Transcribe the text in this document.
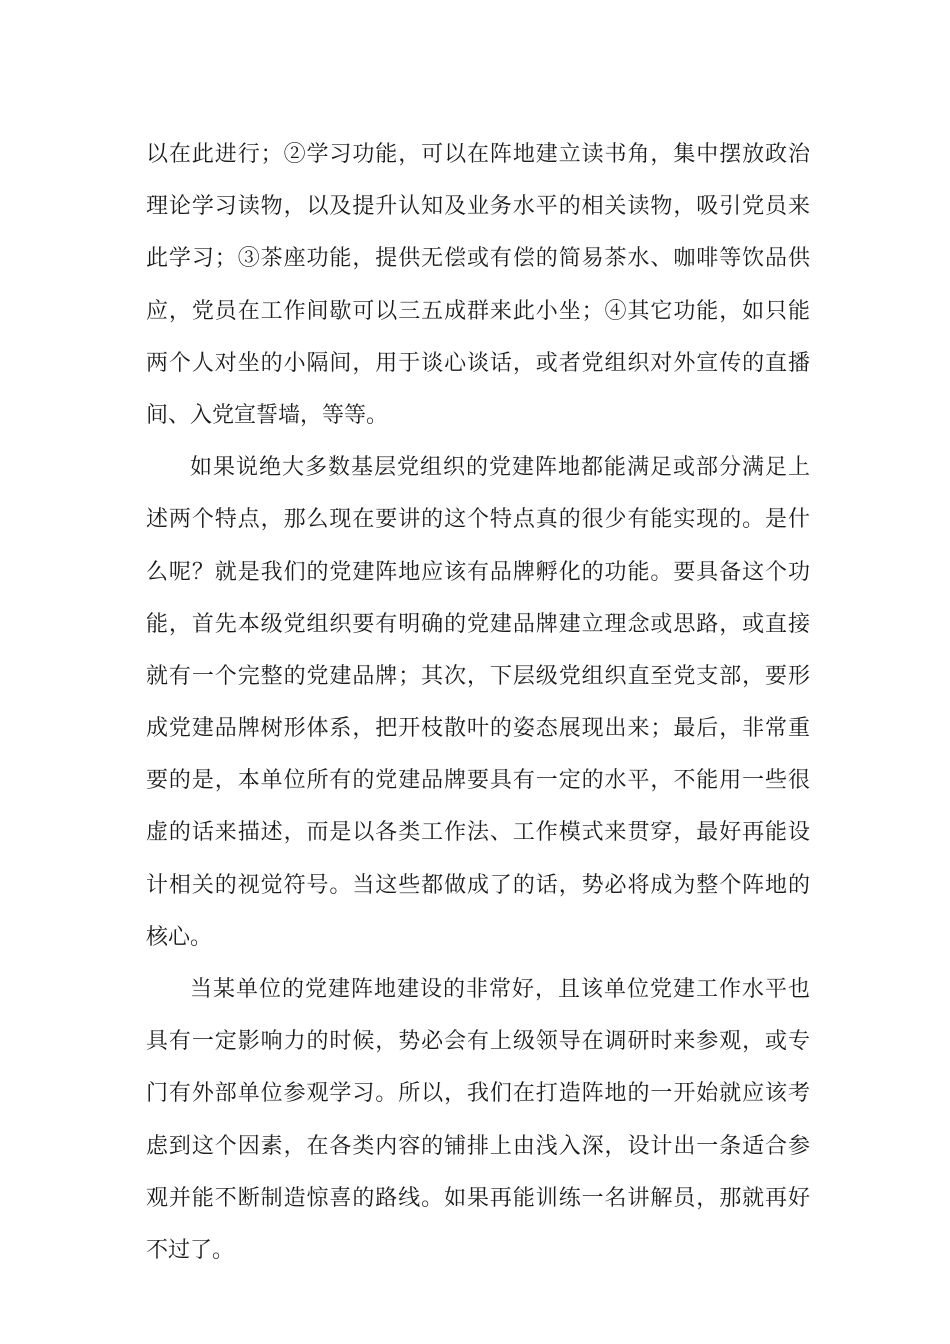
以在此进行；②学习功能，可以在阵地建立读书角，集中摆放政治
理论学习读物，以及提升认知及业务水平的相关读物，吸引党员来
此学习；③茶座功能，提供无偿或有偿的简易茶水、咖啡等饮品供
应，党员在工作间歇可以三五成群来此小坐；④其它功能，如只能
两个人对坐的小隔间，用于谈心谈话，或者党组织对外宣传的直播
间、入党宣誓墙，等等。
如果说绝大多数基层党组织的党建阵地都能满足或部分满足上
述两个特点，那么现在要讲的这个特点真的很少有能实现的。是什
么呢？就是我们的党建阵地应该有品牌孵化的功能。要具备这个功
能，首先本级党组织要有明确的党建品牌建立理念或思路，或直接
就有一个完整的党建品牌；其次，下层级党组织直至党支部，要形
成党建品牌树形体系，把开枝散叶的姿态展现出来；最后，非常重
要的是，本单位所有的党建品牌要具有一定的水平，不能用一些很
虚的话来描述，而是以各类工作法、工作模式来贯穿，最好再能设
计相关的视觉符号。当这些都做成了的话，势必将成为整个阵地的
核心。
当某单位的党建阵地建设的非常好，且该单位党建工作水平也
具有一定影响力的时候，势必会有上级领导在调研时来参观，或专
门有外部单位参观学习。所以，我们在打造阵地的一开始就应该考
虑到这个因素，在各类内容的铺排上由浅入深，设计出一条适合参
观并能不断制造惊喜的路线。如果再能训练一名讲解员，那就再好
不过了。
